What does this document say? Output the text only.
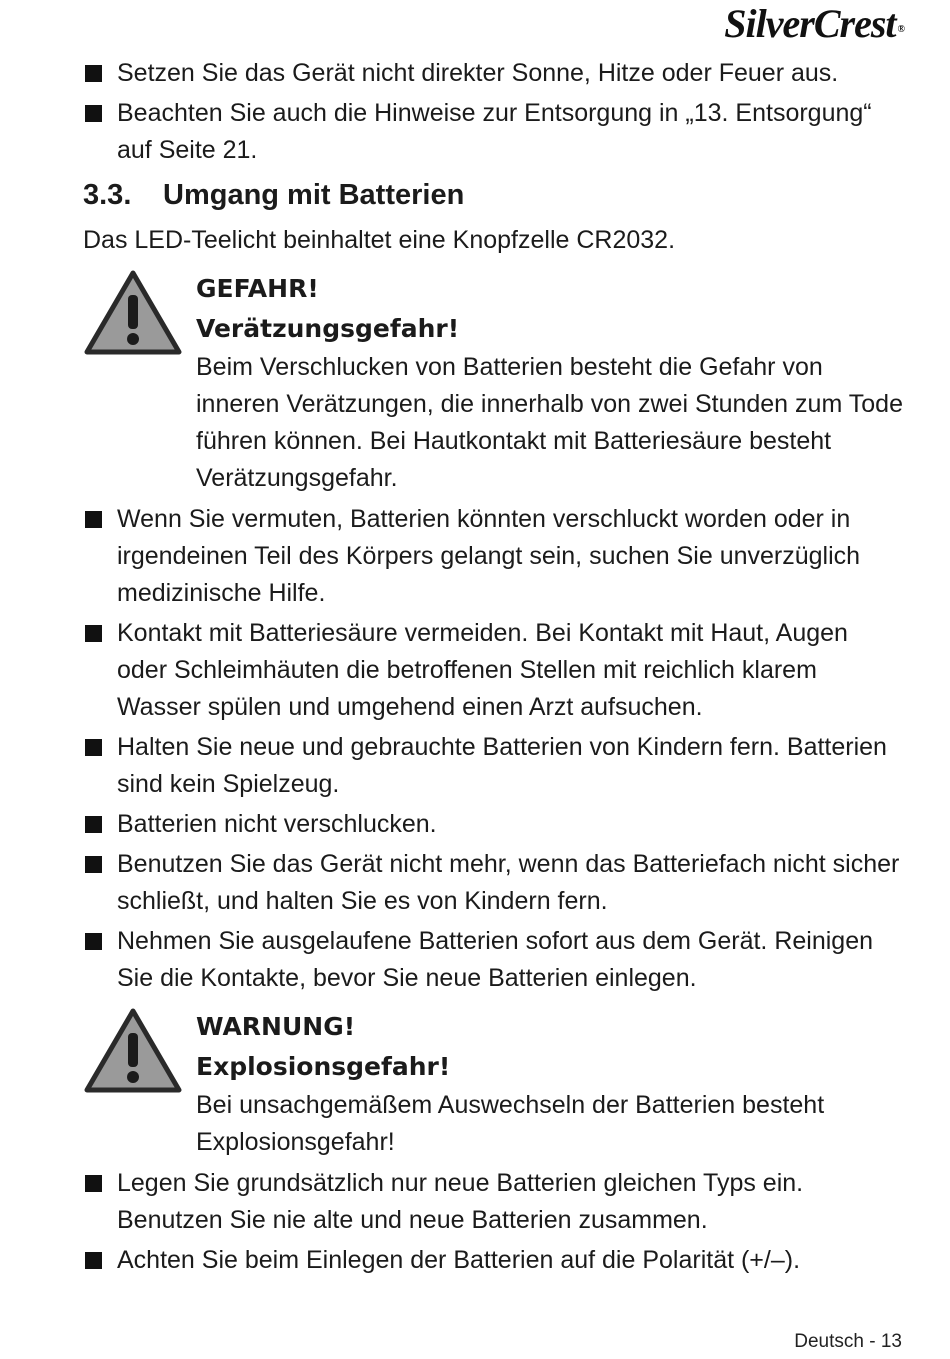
SilverCrest ®
Setzen Sie das Gerät nicht direkter Sonne, Hitze oder Feuer aus.
Beachten Sie auch die Hinweise zur Entsorgung in „13. Entsorgung“ auf Seite 21.
3.3. Umgang mit Batterien
Das LED-Teelicht beinhaltet eine Knopfzelle CR2032.
GEFAHR!
Verätzungsgefahr!
Beim Verschlucken von Batterien besteht die Gefahr von inneren Verätzungen, die innerhalb von zwei Stunden zum Tode führen können. Bei Hautkontakt mit Batteriesäure besteht Verätzungsgefahr.
Wenn Sie vermuten, Batterien könnten verschluckt worden oder in irgendeinen Teil des Körpers gelangt sein, suchen Sie unverzüglich medizinische Hilfe.
Kontakt mit Batteriesäure vermeiden. Bei Kontakt mit Haut, Augen oder Schleimhäuten die betroffenen Stellen mit reichlich klarem Wasser spülen und umgehend einen Arzt aufsuchen.
Halten Sie neue und gebrauchte Batterien von Kindern fern. Batterien sind kein Spielzeug.
Batterien nicht verschlucken.
Benutzen Sie das Gerät nicht mehr, wenn das Batteriefach nicht sicher schließt, und halten Sie es von Kindern fern.
Nehmen Sie ausgelaufene Batterien sofort aus dem Gerät. Reinigen Sie die Kontakte, bevor Sie neue Batterien einlegen.
WARNUNG!
Explosionsgefahr!
Bei unsachgemäßem Auswechseln der Batterien besteht Explosionsgefahr!
Legen Sie grundsätzlich nur neue Batterien gleichen Typs ein. Benutzen Sie nie alte und neue Batterien zusammen.
Achten Sie beim Einlegen der Batterien auf die Polarität (+/–).
Deutsch - 13
